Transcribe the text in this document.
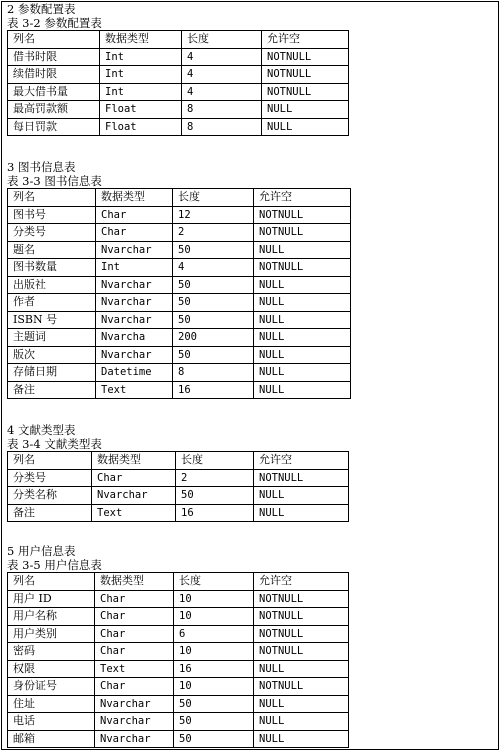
2 参数配置表
表 3-2 参数配置表
列名	数据类型	长度	允许空
借书时限	Int	4	NOTNULL
续借时限	Int	4	NOTNULL
最大借书量	Int	4	NOTNULL
最高罚款额	Float	8	NULL
每日罚款	Float	8	NULL
3 图书信息表
表 3-3 图书信息表
列名	数据类型	长度	允许空
图书号	Char	12	NOTNULL
分类号	Char	2	NOTNULL
题名	Nvarchar	50	NULL
图书数量	Int	4	NOTNULL
出版社	Nvarchar	50	NULL
作者	Nvarchar	50	NULL
ISBN 号	Nvarchar	50	NULL
主题词	Nvarcha	200	NULL
版次	Nvarchar	50	NULL
存储日期	Datetime	8	NULL
备注	Text	16	NULL
4 文献类型表
表 3-4 文献类型表
列名	数据类型	长度	允许空
分类号	Char	2	NOTNULL
分类名称	Nvarchar	50	NULL
备注	Text	16	NULL
5 用户信息表
表 3-5 用户信息表
列名	数据类型	长度	允许空
用户 ID	Char	10	NOTNULL
用户名称	Char	10	NOTNULL
用户类别	Char	6	NOTNULL
密码	Char	10	NOTNULL
权限	Text	16	NULL
身份证号	Char	10	NOTNULL
住址	Nvarchar	50	NULL
电话	Nvarchar	50	NULL
邮箱	Nvarchar	50	NULL
